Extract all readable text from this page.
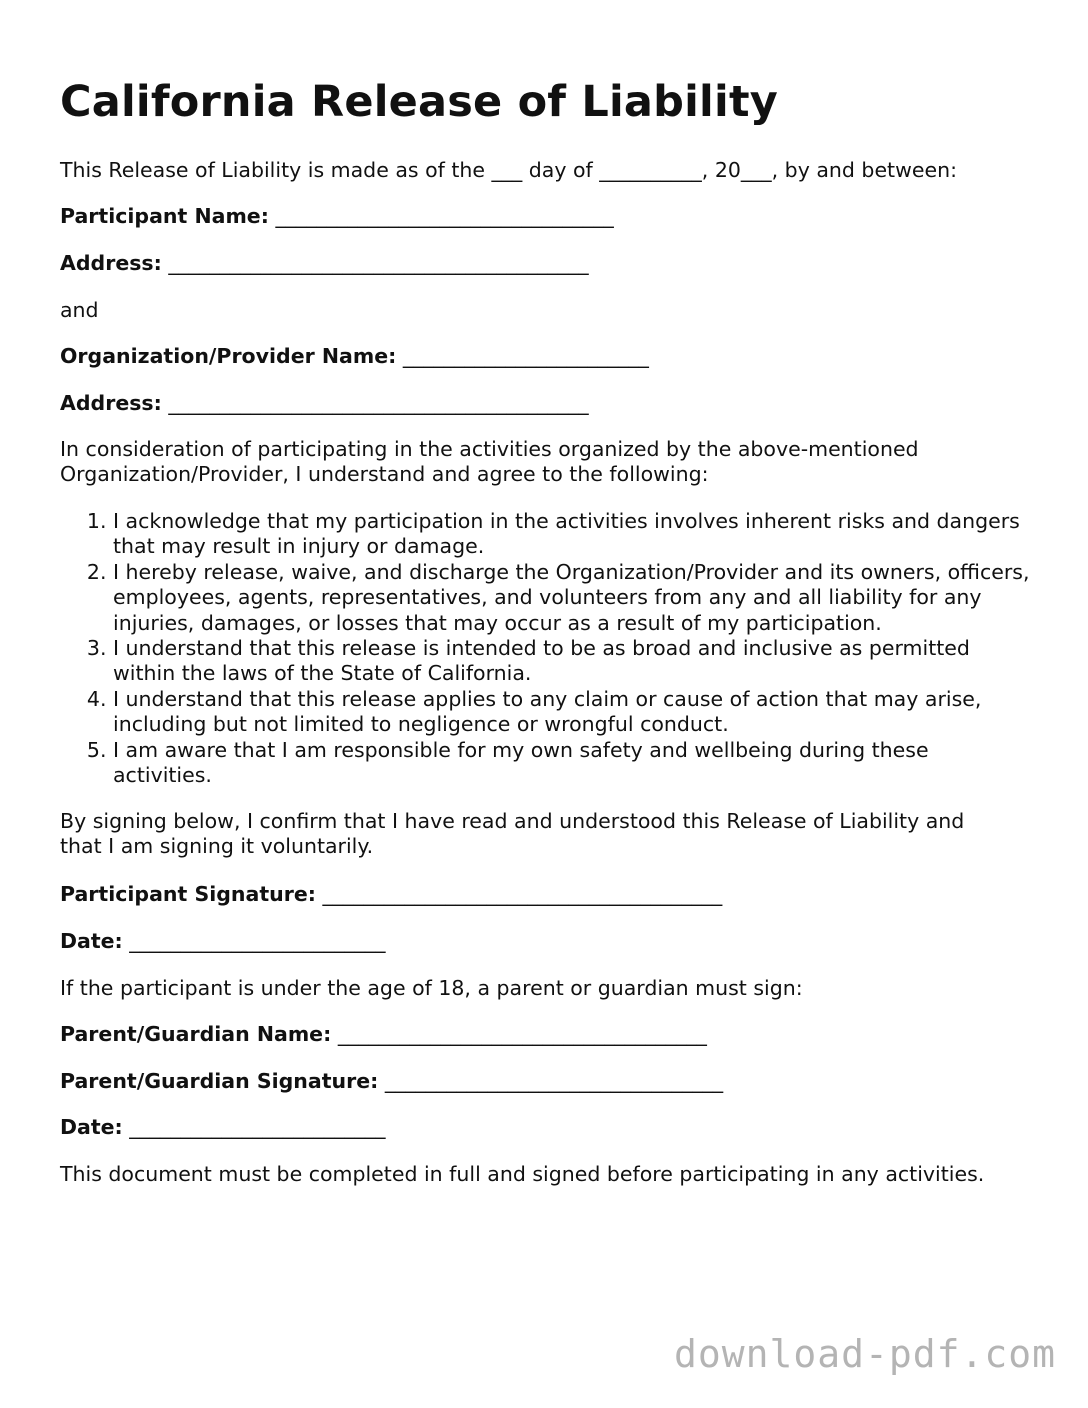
California Release of Liability

This Release of Liability is made as of the ___ day of __________, 20___, by and between:

Participant Name: _________________________________

Address: _________________________________________

and

Organization/Provider Name: ________________________

Address: _________________________________________

In consideration of participating in the activities organized by the above-mentioned Organization/Provider, I understand and agree to the following:

1. I acknowledge that my participation in the activities involves inherent risks and dangers that may result in injury or damage.
2. I hereby release, waive, and discharge the Organization/Provider and its owners, officers, employees, agents, representatives, and volunteers from any and all liability for any injuries, damages, or losses that may occur as a result of my participation.
3. I understand that this release is intended to be as broad and inclusive as permitted within the laws of the State of California.
4. I understand that this release applies to any claim or cause of action that may arise, including but not limited to negligence or wrongful conduct.
5. I am aware that I am responsible for my own safety and wellbeing during these activities.

By signing below, I confirm that I have read and understood this Release of Liability and that I am signing it voluntarily.

Participant Signature: _______________________________________

Date: _________________________

If the participant is under the age of 18, a parent or guardian must sign:

Parent/Guardian Name: ____________________________________

Parent/Guardian Signature: _________________________________

Date: _________________________

This document must be completed in full and signed before participating in any activities.

download-pdf.com
